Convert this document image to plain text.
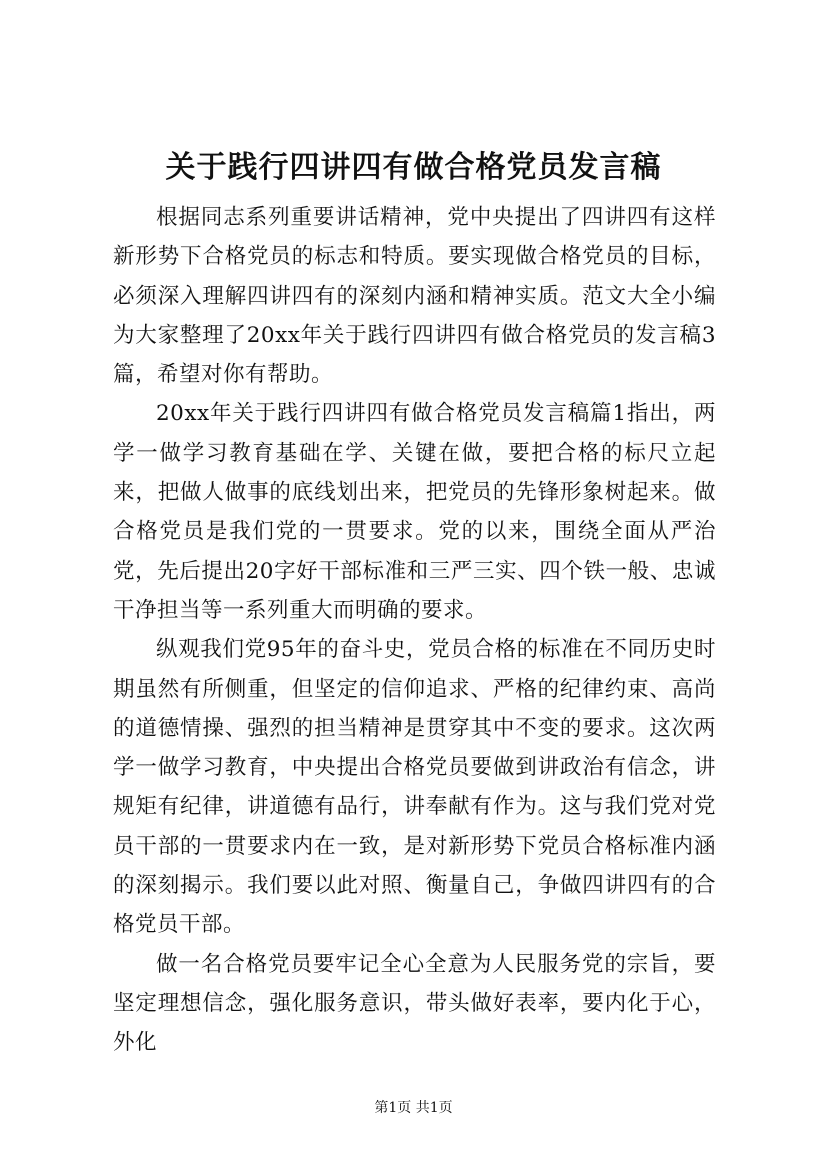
关于践行四讲四有做合格党员发言稿

根据同志系列重要讲话精神，党中央提出了四讲四有这样新形势下合格党员的标志和特质。要实现做合格党员的目标，必须深入理解四讲四有的深刻内涵和精神实质。范文大全小编为大家整理了20xx年关于践行四讲四有做合格党员的发言稿3篇，希望对你有帮助。

20xx年关于践行四讲四有做合格党员发言稿篇1指出，两学一做学习教育基础在学、关键在做，要把合格的标尺立起来，把做人做事的底线划出来，把党员的先锋形象树起来。做合格党员是我们党的一贯要求。党的以来，围绕全面从严治党，先后提出20字好干部标准和三严三实、四个铁一般、忠诚干净担当等一系列重大而明确的要求。

纵观我们党95年的奋斗史，党员合格的标准在不同历史时期虽然有所侧重，但坚定的信仰追求、严格的纪律约束、高尚的道德情操、强烈的担当精神是贯穿其中不变的要求。这次两学一做学习教育，中央提出合格党员要做到讲政治有信念，讲规矩有纪律，讲道德有品行，讲奉献有作为。这与我们党对党员干部的一贯要求内在一致，是对新形势下党员合格标准内涵的深刻揭示。我们要以此对照、衡量自己，争做四讲四有的合格党员干部。

做一名合格党员要牢记全心全意为人民服务党的宗旨，要坚定理想信念，强化服务意识，带头做好表率，要内化于心，外化

第1页 共1页
